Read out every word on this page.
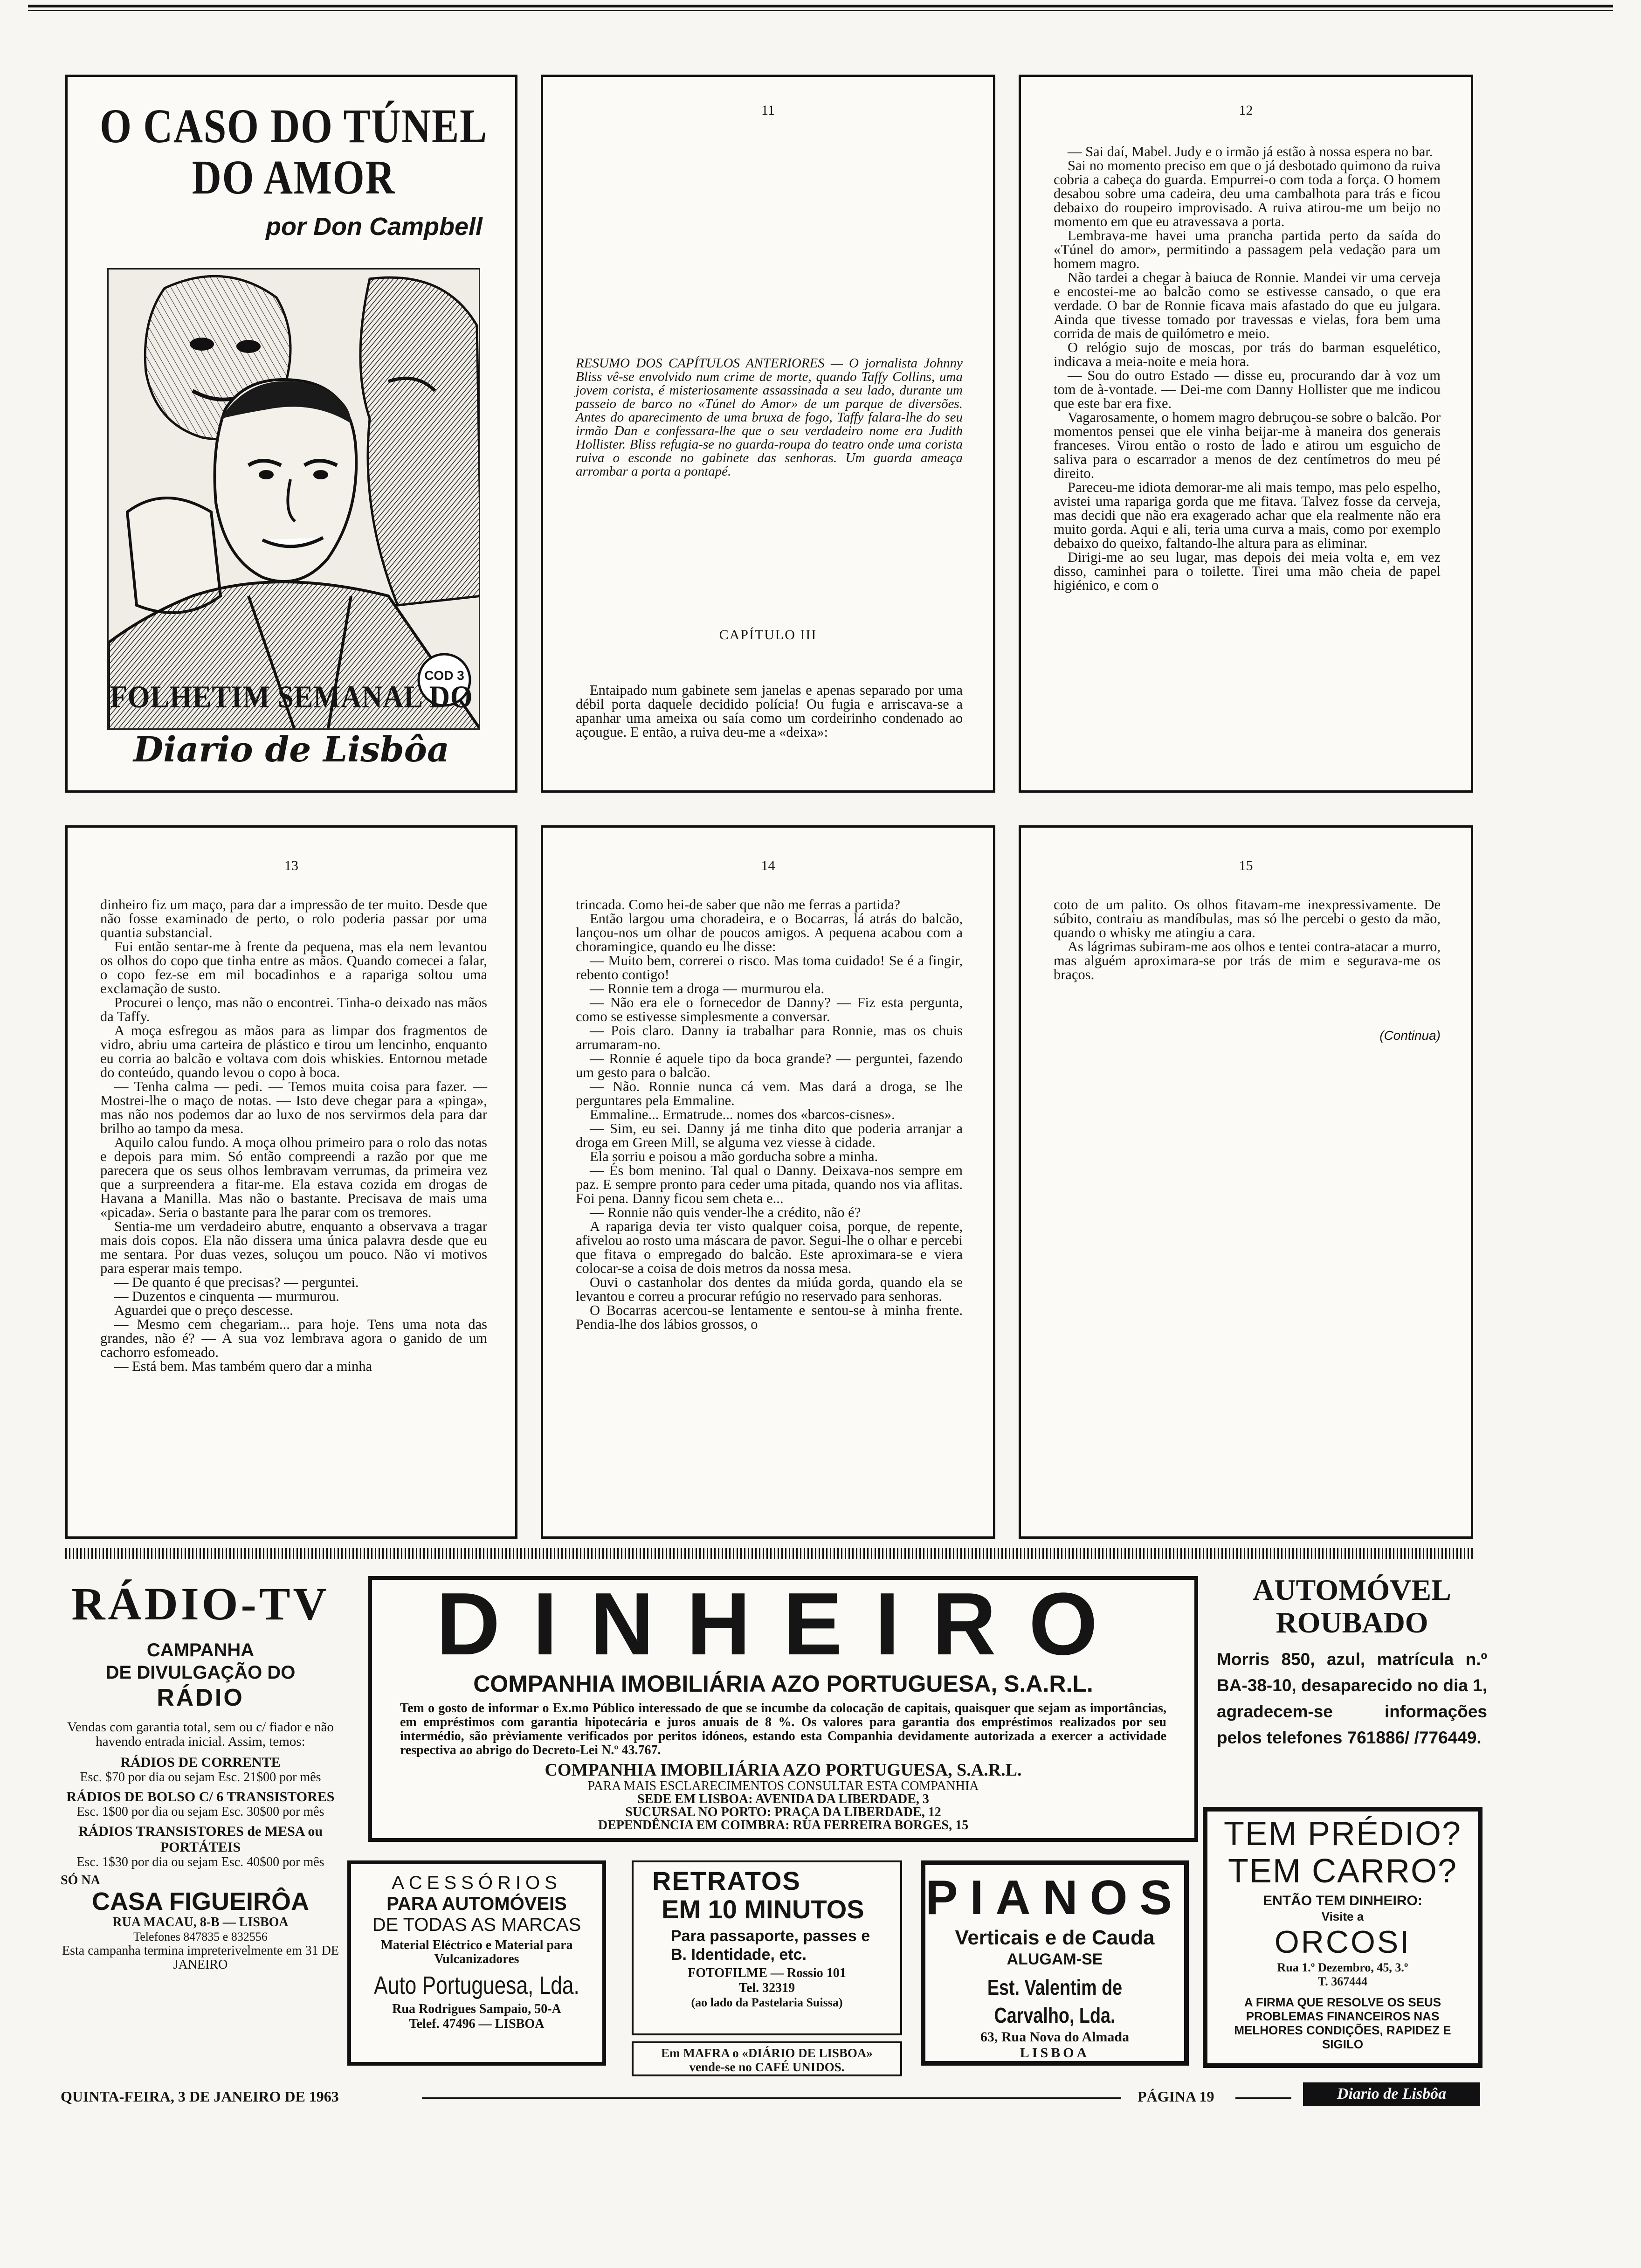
O CASO DO TÚNEL
DO AMOR
por Don Campbell
COD 3
FOLHETIM SEMANAL DO
Diario de Lisbôa
11
RESUMO DOS CAPÍTULOS ANTERIORES — O jornalista Johnny Bliss vê-se envolvido num crime de morte, quando Taffy Collins, uma jovem corista, é misteriosamente assassinada a seu lado, durante um passeio de barco no «Túnel do Amor» de um parque de diversões. Antes do aparecimento de uma bruxa de fogo, Taffy falara-lhe do seu irmão Dan e confessara-lhe que o seu verdadeiro nome era Judith Hollister. Bliss refugia-se no guarda-roupa do teatro onde uma corista ruiva o esconde no gabinete das senhoras. Um guarda ameaça arrombar a porta a pontapé.
CAPÍTULO III
Entaipado num gabinete sem janelas e apenas separado por uma débil porta daquele decidido polícia! Ou fugia e arriscava-se a apanhar uma ameixa ou saía como um cordeirinho condenado ao açougue. E então, a ruiva deu-me a «deixa»:
12

— Sai daí, Mabel. Judy e o irmão já estão à nossa espera no bar.

Sai no momento preciso em que o já desbotado quimono da ruiva cobria a cabeça do guarda. Empurrei-o com toda a força. O homem desabou sobre uma cadeira, deu uma cambalhota para trás e ficou debaixo do roupeiro improvisado. A ruiva atirou-me um beijo no momento em que eu atravessava a porta.

Lembrava-me havei uma prancha partida perto da saída do «Túnel do amor», permitindo a passagem pela vedação para um homem magro.

Não tardei a chegar à baiuca de Ronnie. Mandei vir uma cerveja e encostei-me ao balcão como se estivesse cansado, o que era verdade. O bar de Ronnie ficava mais afastado do que eu julgara. Ainda que tivesse tomado por travessas e vielas, fora bem uma corrida de mais de quilómetro e meio.

O relógio sujo de moscas, por trás do barman esquelético, indicava a meia-noite e meia hora.

— Sou do outro Estado — disse eu, procurando dar à voz um tom de à-vontade. — Dei-me com Danny Hollister que me indicou que este bar era fixe.

Vagarosamente, o homem magro debruçou-se sobre o balcão. Por momentos pensei que ele vinha beijar-me à maneira dos generais franceses. Virou então o rosto de lado e atirou um esguicho de saliva para o escarrador a menos de dez centímetros do meu pé direito.

Pareceu-me idiota demorar-me ali mais tempo, mas pelo espelho, avistei uma rapariga gorda que me fitava. Talvez fosse da cerveja, mas decidi que não era exagerado achar que ela realmente não era muito gorda. Aqui e ali, teria uma curva a mais, como por exemplo debaixo do queixo, faltando-lhe altura para as eliminar.

Dirigi-me ao seu lugar, mas depois dei meia volta e, em vez disso, caminhei para o toilette. Tirei uma mão cheia de papel higiénico, e com o

13

dinheiro fiz um maço, para dar a impressão de ter muito. Desde que não fosse examinado de perto, o rolo poderia passar por uma quantia substancial.

Fui então sentar-me à frente da pequena, mas ela nem levantou os olhos do copo que tinha entre as mãos. Quando comecei a falar, o copo fez-se em mil bocadinhos e a rapariga soltou uma exclamação de susto.

Procurei o lenço, mas não o encontrei. Tinha-o deixado nas mãos da Taffy.

A moça esfregou as mãos para as limpar dos fragmentos de vidro, abriu uma carteira de plástico e tirou um lencinho, enquanto eu corria ao balcão e voltava com dois whiskies. Entornou metade do conteúdo, quando levou o copo à boca.

— Tenha calma — pedi. — Temos muita coisa para fazer. — Mostrei-lhe o maço de notas. — Isto deve chegar para a «pinga», mas não nos podemos dar ao luxo de nos servirmos dela para dar brilho ao tampo da mesa.

Aquilo calou fundo. A moça olhou primeiro para o rolo das notas e depois para mim. Só então compreendi a razão por que me parecera que os seus olhos lembravam verrumas, da primeira vez que a surpreendera a fitar-me. Ela estava cozida em drogas de Havana a Manilla. Mas não o bastante. Precisava de mais uma «picada». Seria o bastante para lhe parar com os tremores.

Sentia-me um verdadeiro abutre, enquanto a observava a tragar mais dois copos. Ela não dissera uma única palavra desde que eu me sentara. Por duas vezes, soluçou um pouco. Não vi motivos para esperar mais tempo.

— De quanto é que precisas? — perguntei.

— Duzentos e cinquenta — murmurou.

Aguardei que o preço descesse.

— Mesmo cem chegariam... para hoje. Tens uma nota das grandes, não é? — A sua voz lembrava agora o ganido de um cachorro esfomeado.

— Está bem. Mas também quero dar a minha

14

trincada. Como hei-de saber que não me ferras a partida?

Então largou uma choradeira, e o Bocarras, lá atrás do balcão, lançou-nos um olhar de poucos amigos. A pequena acabou com a choramingice, quando eu lhe disse:

— Muito bem, correrei o risco. Mas toma cuidado! Se é a fingir, rebento contigo!

— Ronnie tem a droga — murmurou ela.

— Não era ele o fornecedor de Danny? — Fiz esta pergunta, como se estivesse simplesmente a conversar.

— Pois claro. Danny ia trabalhar para Ronnie, mas os chuis arrumaram-no.

— Ronnie é aquele tipo da boca grande? — perguntei, fazendo um gesto para o balcão.

— Não. Ronnie nunca cá vem. Mas dará a droga, se lhe perguntares pela Emmaline.

Emmaline... Ermatrude... nomes dos «barcos-cisnes».

— Sim, eu sei. Danny já me tinha dito que poderia arranjar a droga em Green Mill, se alguma vez viesse à cidade.

Ela sorriu e poisou a mão gorducha sobre a minha.

— És bom menino. Tal qual o Danny. Deixava-nos sempre em paz. E sempre pronto para ceder uma pitada, quando nos via aflitas. Foi pena. Danny ficou sem cheta e...

— Ronnie não quis vender-lhe a crédito, não é?

A rapariga devia ter visto qualquer coisa, porque, de repente, afivelou ao rosto uma máscara de pavor. Segui-lhe o olhar e percebi que fitava o empregado do balcão. Este aproximara-se e viera colocar-se a coisa de dois metros da nossa mesa.

Ouvi o castanholar dos dentes da miúda gorda, quando ela se levantou e correu a procurar refúgio no reservado para senhoras.

O Bocarras acercou-se lentamente e sentou-se à minha frente. Pendia-lhe dos lábios grossos, o

15

coto de um palito. Os olhos fitavam-me inexpressivamente. De súbito, contraiu as mandíbulas, mas só lhe percebi o gesto da mão, quando o whisky me atingiu a cara.

As lágrimas subiram-me aos olhos e tentei contra-atacar a murro, mas alguém aproximara-se por trás de mim e segurava-me os braços.

(Continua)
RÁDIO-TV
CAMPANHA
DE DIVULGAÇÃO DO
RÁDIO
Vendas com garantia total, sem ou c/ fiador e não havendo entrada inicial. Assim, temos:
RÁDIOS DE CORRENTE
Esc. $70 por dia ou sejam Esc. 21$00 por mês
RÁDIOS DE BOLSO C/ 6 TRANSISTORES
Esc. 1$00 por dia ou sejam Esc. 30$00 por mês
RÁDIOS TRANSISTORES de MESA ou PORTÁTEIS
Esc. 1$30 por dia ou sejam Esc. 40$00 por mês
SÓ NA
CASA FIGUEIRÔA
RUA MACAU, 8-B — LISBOA
Telefones 847835 e 832556
Esta campanha termina impreterivelmente em 31 DE JANEIRO
DINHEIRO
COMPANHIA IMOBILIÁRIA AZO PORTUGUESA, S.A.R.L.
Tem o gosto de informar o Ex.mo Público interessado de que se incumbe da colocação de capitais, quaisquer que sejam as importâncias, em empréstimos com garantia hipotecária e juros anuais de 8 %. Os valores para garantia dos empréstimos realizados por seu intermédio, são prèviamente verificados por peritos idóneos, estando esta Companhia devidamente autorizada a exercer a actividade respectiva ao abrigo do Decreto-Lei N.º 43.767.
COMPANHIA IMOBILIÁRIA AZO PORTUGUESA, S.A.R.L.
PARA MAIS ESCLARECIMENTOS CONSULTAR ESTA COMPANHIA
SEDE EM LISBOA: AVENIDA DA LIBERDADE, 3
SUCURSAL NO PORTO: PRAÇA DA LIBERDADE, 12
DEPENDÊNCIA EM COIMBRA: RUA FERREIRA BORGES, 15
AUTOMÓVEL
ROUBADO
Morris 850, azul, matrícula n.º BA-38-10, desaparecido no dia 1, agradecem-se informações pelos telefones 761886/ /776449.
TEM PRÉDIO?
TEM CARRO?
ENTÃO TEM DINHEIRO:
Visite a
ORCOSI
Rua 1.º Dezembro, 45, 3.º
T. 367444
A FIRMA QUE RESOLVE OS SEUS PROBLEMAS FINANCEIROS NAS MELHORES CONDIÇÕES, RAPIDEZ E SIGILO
ACESSÓRIOS
PARA AUTOMÓVEIS
DE TODAS AS MARCAS
Material Eléctrico e Material para Vulcanizadores
Auto Portuguesa, Lda.
Rua Rodrigues Sampaio, 50-A
Telef. 47496 — LISBOA
RETRATOS
EM 10 MINUTOS
Para passaporte, passes e B. Identidade, etc.
FOTOFILME — Rossio 101
Tel. 32319
(ao lado da Pastelaria Suissa)
Em MAFRA o «DIÁRIO DE LISBOA» vende-se no CAFÉ UNIDOS.
PIANOS
Verticais e de Cauda
ALUGAM-SE
Est. Valentim de Carvalho, Lda.
63, Rua Nova do Almada
LISBOA
QUINTA-FEIRA, 3 DE JANEIRO DE 1963	PÁGINA 19	Diario de Lisbôa
